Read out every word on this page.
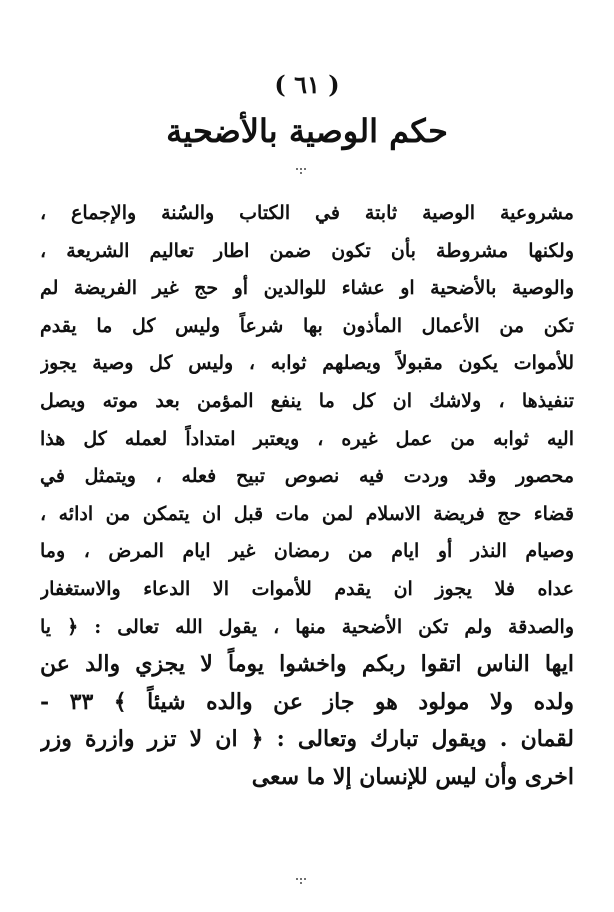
( ٦١ )
حكم الوصية بالأضحية
مشروعية الوصية ثابتة في الكتاب والسُنة والإجماع ،
ولكنها مشروطة بأن تكون ضمن اطار تعاليم الشريعة ،
والوصية بالأضحية او عشاء للوالدين أو حج غير الفريضة لم
تكن من الأعمال المأذون بها شرعاً وليس كل ما يقدم
للأموات يكون مقبولاً ويصلهم ثوابه ، وليس كل وصية يجوز
تنفيذها ، ولاشك ان كل ما ينفع المؤمن بعد موته ويصل
اليه ثوابه من عمل غيره ، ويعتبر امتداداً لعمله كل هذا
محصور وقد وردت فيه نصوص تبيح فعله ، ويتمثل في
قضاء حج فريضة الاسلام لمن مات قبل ان يتمكن من ادائه ،
وصيام النذر أو ايام من رمضان غير ايام المرض ، وما
عداه فلا يجوز ان يقدم للأموات الا الدعاء والاستغفار
والصدقة ولم تكن الأضحية منها ، يقول الله تعالى : ﴿ يا
ايها الناس اتقوا ربكم واخشوا يوماً لا يجزي والد عن
ولده ولا مولود هو جاز عن والده شيئاً ﴾ ٣٣ -
لقمان . ويقول تبارك وتعالى : ﴿ ان لا تزر وازرة وزر
اخرى وأن ليس للإنسان إلا ما سعى
